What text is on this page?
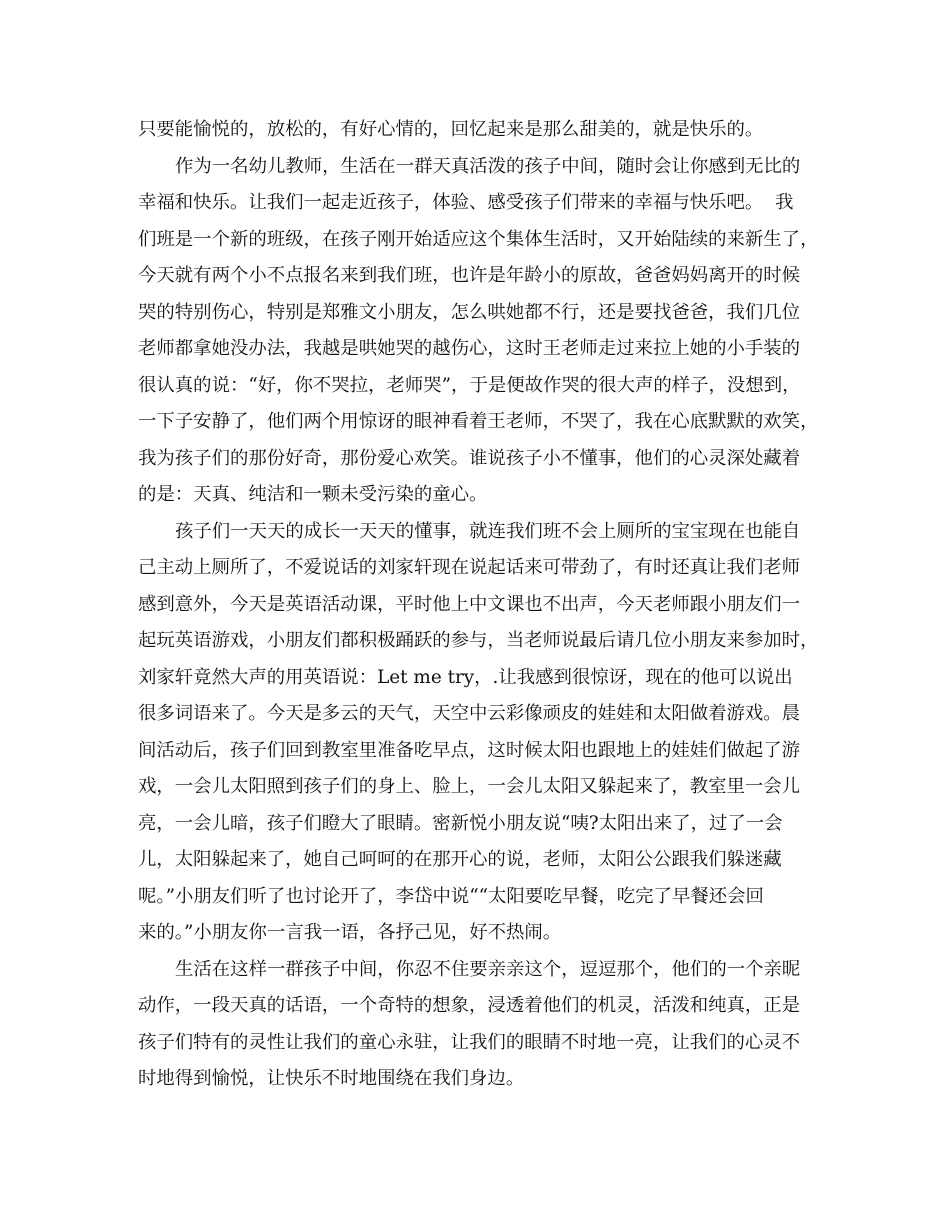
只要能愉悦的，放松的，有好心情的，回忆起来是那么甜美的，就是快乐的。
作为一名幼儿教师，生活在一群天真活泼的孩子中间，随时会让你感到无比的
幸福和快乐。让我们一起走近孩子，体验、感受孩子们带来的幸福与快乐吧。  我
们班是一个新的班级，在孩子刚开始适应这个集体生活时，又开始陆续的来新生了，
今天就有两个小不点报名来到我们班，也许是年龄小的原故，爸爸妈妈离开的时候
哭的特别伤心，特别是郑雅文小朋友，怎么哄她都不行，还是要找爸爸，我们几位
老师都拿她没办法，我越是哄她哭的越伤心，这时王老师走过来拉上她的小手装的
很认真的说：“好，你不哭拉，老师哭”，于是便故作哭的很大声的样子，没想到，
一下子安静了，他们两个用惊讶的眼神看着王老师，不哭了，我在心底默默的欢笑，
我为孩子们的那份好奇，那份爱心欢笑。谁说孩子小不懂事，他们的心灵深处藏着
的是：天真、纯洁和一颗未受污染的童心。
孩子们一天天的成长一天天的懂事，就连我们班不会上厕所的宝宝现在也能自
己主动上厕所了，不爱说话的刘家轩现在说起话来可带劲了，有时还真让我们老师
感到意外，今天是英语活动课，平时他上中文课也不出声，今天老师跟小朋友们一
起玩英语游戏，小朋友们都积极踊跃的参与，当老师说最后请几位小朋友来参加时，
刘家轩竟然大声的用英语说：Let me try，.让我感到很惊讶，现在的他可以说出
很多词语来了。今天是多云的天气，天空中云彩像顽皮的娃娃和太阳做着游戏。晨
间活动后，孩子们回到教室里准备吃早点，这时候太阳也跟地上的娃娃们做起了游
戏，一会儿太阳照到孩子们的身上、脸上，一会儿太阳又躲起来了，教室里一会儿
亮，一会儿暗，孩子们瞪大了眼睛。密新悦小朋友说“咦?太阳出来了，过了一会
儿，太阳躲起来了，她自己呵呵的在那开心的说，老师，太阳公公跟我们躲迷藏
呢。”小朋友们听了也讨论开了，李岱中说““太阳要吃早餐，吃完了早餐还会回
来的。”小朋友你一言我一语，各抒己见，好不热闹。
生活在这样一群孩子中间，你忍不住要亲亲这个，逗逗那个，他们的一个亲昵
动作，一段天真的话语，一个奇特的想象，浸透着他们的机灵，活泼和纯真，正是
孩子们特有的灵性让我们的童心永驻，让我们的眼睛不时地一亮，让我们的心灵不
时地得到愉悦，让快乐不时地围绕在我们身边。
